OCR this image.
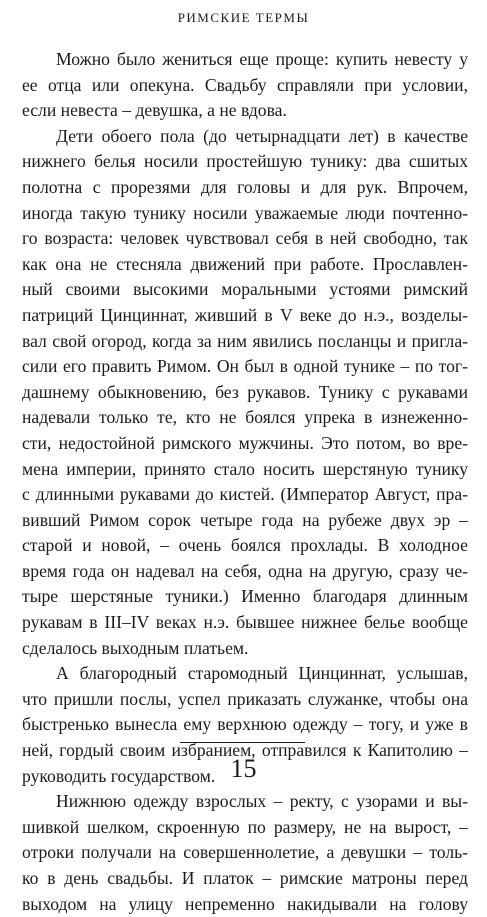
РИМСКИЕ ТЕРМЫ
Можно было жениться еще проще: купить невесту у
ее отца или опекуна. Свадьбу справляли при условии,
если невеста – девушка, а не вдова.
Дети обоего пола (до четырнадцати лет) в качестве
нижнего белья носили простейшую тунику: два сшитых
полотна с прорезями для головы и для рук. Впрочем,
иногда такую тунику носили уважаемые люди почтенно-
го возраста: человек чувствовал себя в ней свободно, так
как она не стесняла движений при работе. Прославлен-
ный своими высокими моральными устоями римский
патриций Цинциннат, живший в V веке до н.э., возделы-
вал свой огород, когда за ним явились посланцы и пригла-
сили его править Римом. Он был в одной тунике – по тог-
дашнему обыкновению, без рукавов. Тунику с рукавами
надевали только те, кто не боялся упрека в изнеженно-
сти, недостойной римского мужчины. Это потом, во вре-
мена империи, принято стало носить шерстяную тунику
с длинными рукавами до кистей. (Император Август, пра-
вивший Римом сорок четыре года на рубеже двух эр –
старой и новой, – очень боялся прохлады. В холодное
время года он надевал на себя, одна на другую, сразу че-
тыре шерстяные туники.) Именно благодаря длинным
рукавам в III–IV веках н.э. бывшее нижнее белье вообще
сделалось выходным платьем.
А благородный старомодный Цинциннат, услышав,
что пришли послы, успел приказать служанке, чтобы она
быстренько вынесла ему верхнюю одежду – тогу, и уже в
ней, гордый своим избранием, отправился к Капитолию –
руководить государством.
Нижнюю одежду взрослых – ректу, с узорами и вы-
шивкой шелком, скроенную по размеру, не на вырост, –
отроки получали на совершеннолетие, а девушки – толь-
ко в день свадьбы. И платок – римские матроны перед
выходом на улицу непременно накидывали на голову
15
